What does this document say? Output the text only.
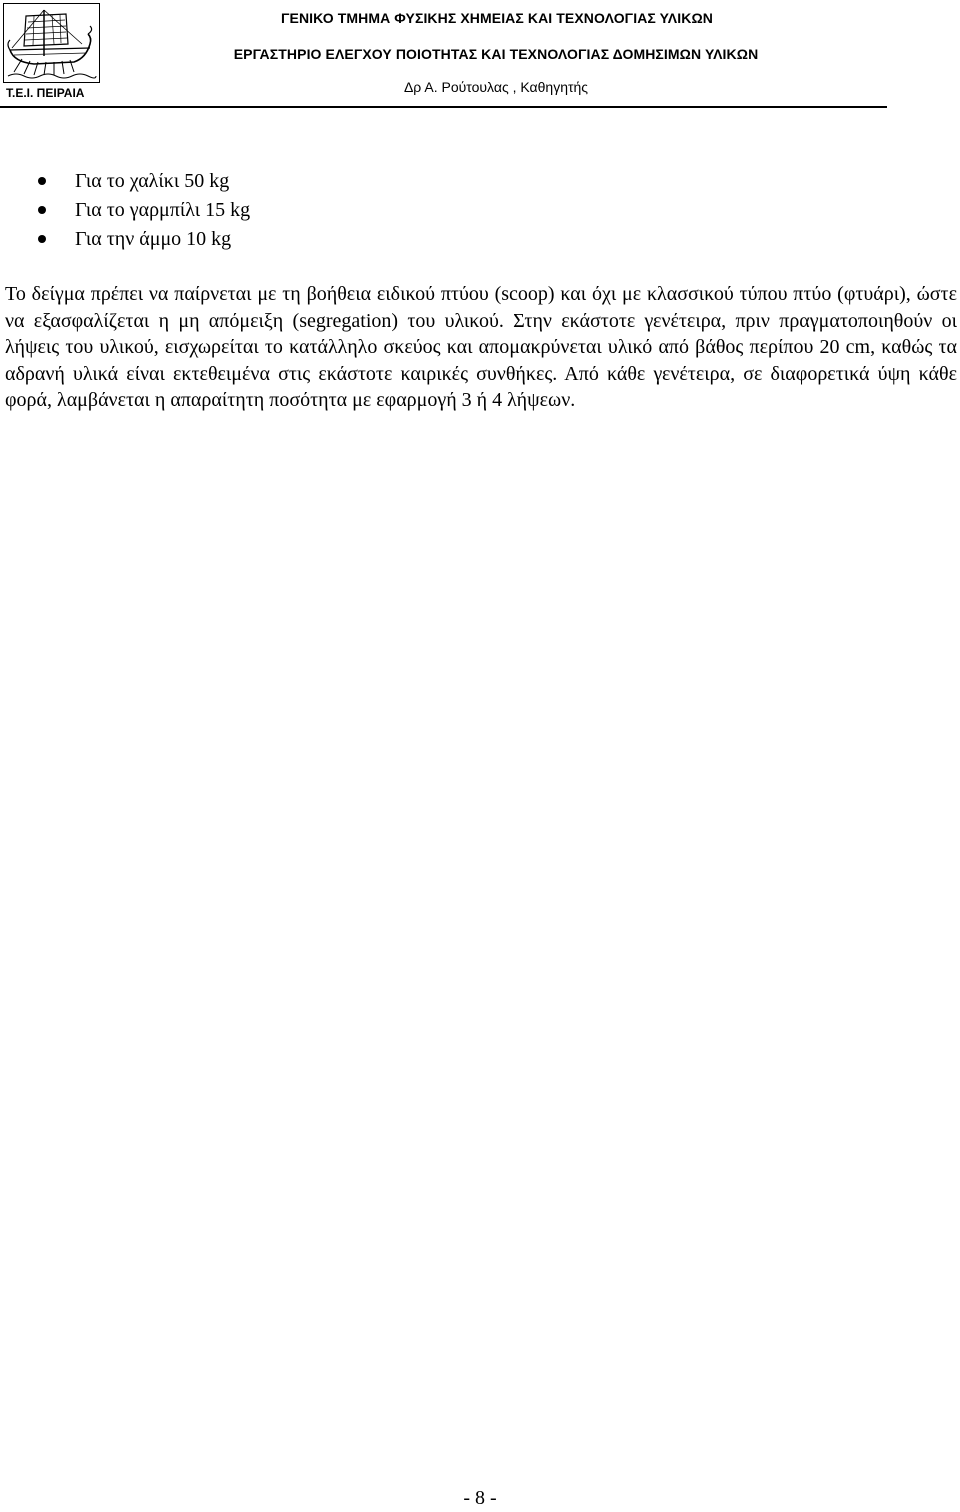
Τ.Ε.Ι. ΠΕΙΡΑΙΑ
ΓΕΝΙΚΟ ΤΜΗΜΑ ΦΥΣΙΚΗΣ ΧΗΜΕΙΑΣ ΚΑΙ ΤΕΧΝΟΛΟΓΙΑΣ ΥΛΙΚΩΝ
ΕΡΓΑΣΤΗΡΙΟ ΕΛΕΓΧΟΥ ΠΟΙΟΤΗΤΑΣ ΚΑΙ ΤΕΧΝΟΛΟΓΙΑΣ ΔΟΜΗΣΙΜΩΝ ΥΛΙΚΩΝ
Δρ Α. Ρούτουλας , Καθηγητής
Για το χαλίκι 50 kg
Για το γαρμπίλι 15 kg
Για την άμμο 10 kg

Το δείγμα πρέπει να παίρνεται με τη βοήθεια ειδικού πτύου (scoop) και όχι με κλασσικού τύπου πτύο (φτυάρι), ώστε να εξασφαλίζεται η μη απόμειξη (segregation) του υλικού. Στην εκάστοτε γενέτειρα, πριν πραγματοποιηθούν οι λήψεις του υλικού, εισχωρείται το κατάλληλο σκεύος και απομακρύνεται υλικό από βάθος περίπου 20 cm, καθώς τα αδρανή υλικά είναι εκτεθειμένα στις εκάστοτε καιρικές συνθήκες. Από κάθε γενέτειρα, σε διαφορετικά ύψη κάθε φορά, λαμβάνεται η απαραίτητη ποσότητα με εφαρμογή 3 ή 4 λήψεων.

- 8 -
